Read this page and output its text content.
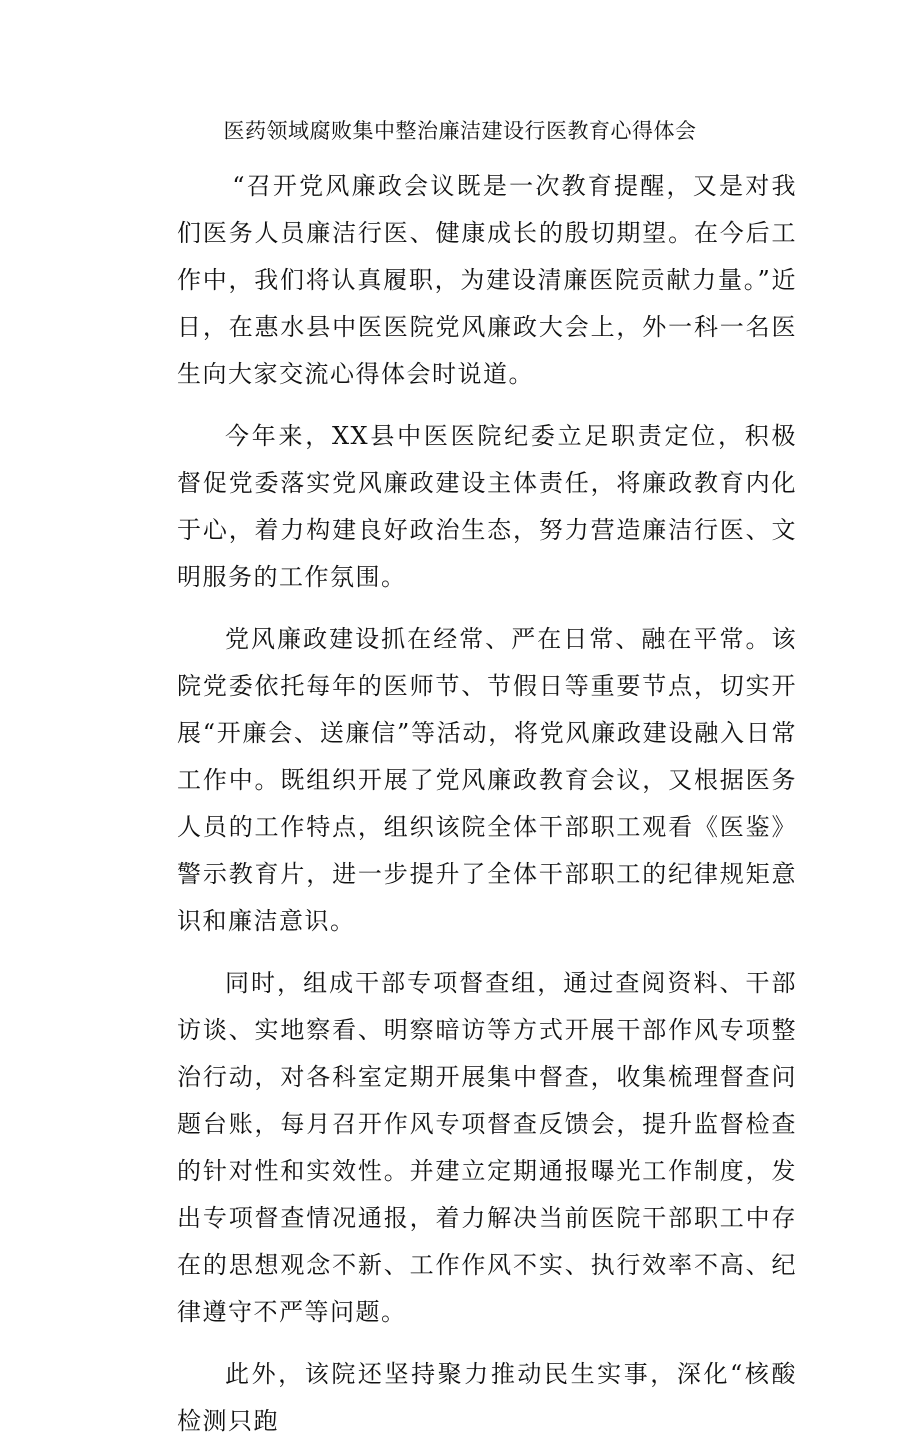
医药领域腐败集中整治廉洁建设行医教育心得体会

“召开党风廉政会议既是一次教育提醒，又是对我们医务人员廉洁行医、健康成长的殷切期望。在今后工作中，我们将认真履职，为建设清廉医院贡献力量。”近日，在惠水县中医医院党风廉政大会上，外一科一名医生向大家交流心得体会时说道。

今年来，XX县中医医院纪委立足职责定位，积极督促党委落实党风廉政建设主体责任，将廉政教育内化于心，着力构建良好政治生态，努力营造廉洁行医、文明服务的工作氛围。

党风廉政建设抓在经常、严在日常、融在平常。该院党委依托每年的医师节、节假日等重要节点，切实开展“开廉会、送廉信”等活动，将党风廉政建设融入日常工作中。既组织开展了党风廉政教育会议，又根据医务人员的工作特点，组织该院全体干部职工观看《医鉴》警示教育片，进一步提升了全体干部职工的纪律规矩意识和廉洁意识。

同时，组成干部专项督查组，通过查阅资料、干部访谈、实地察看、明察暗访等方式开展干部作风专项整治行动，对各科室定期开展集中督查，收集梳理督查问题台账，每月召开作风专项督查反馈会，提升监督检查的针对性和实效性。并建立定期通报曝光工作制度，发出专项督查情况通报，着力解决当前医院干部职工中存在的思想观念不新、工作作风不实、执行效率不高、纪律遵守不严等问题。

此外，该院还坚持聚力推动民生实事，深化“核酸检测只跑
